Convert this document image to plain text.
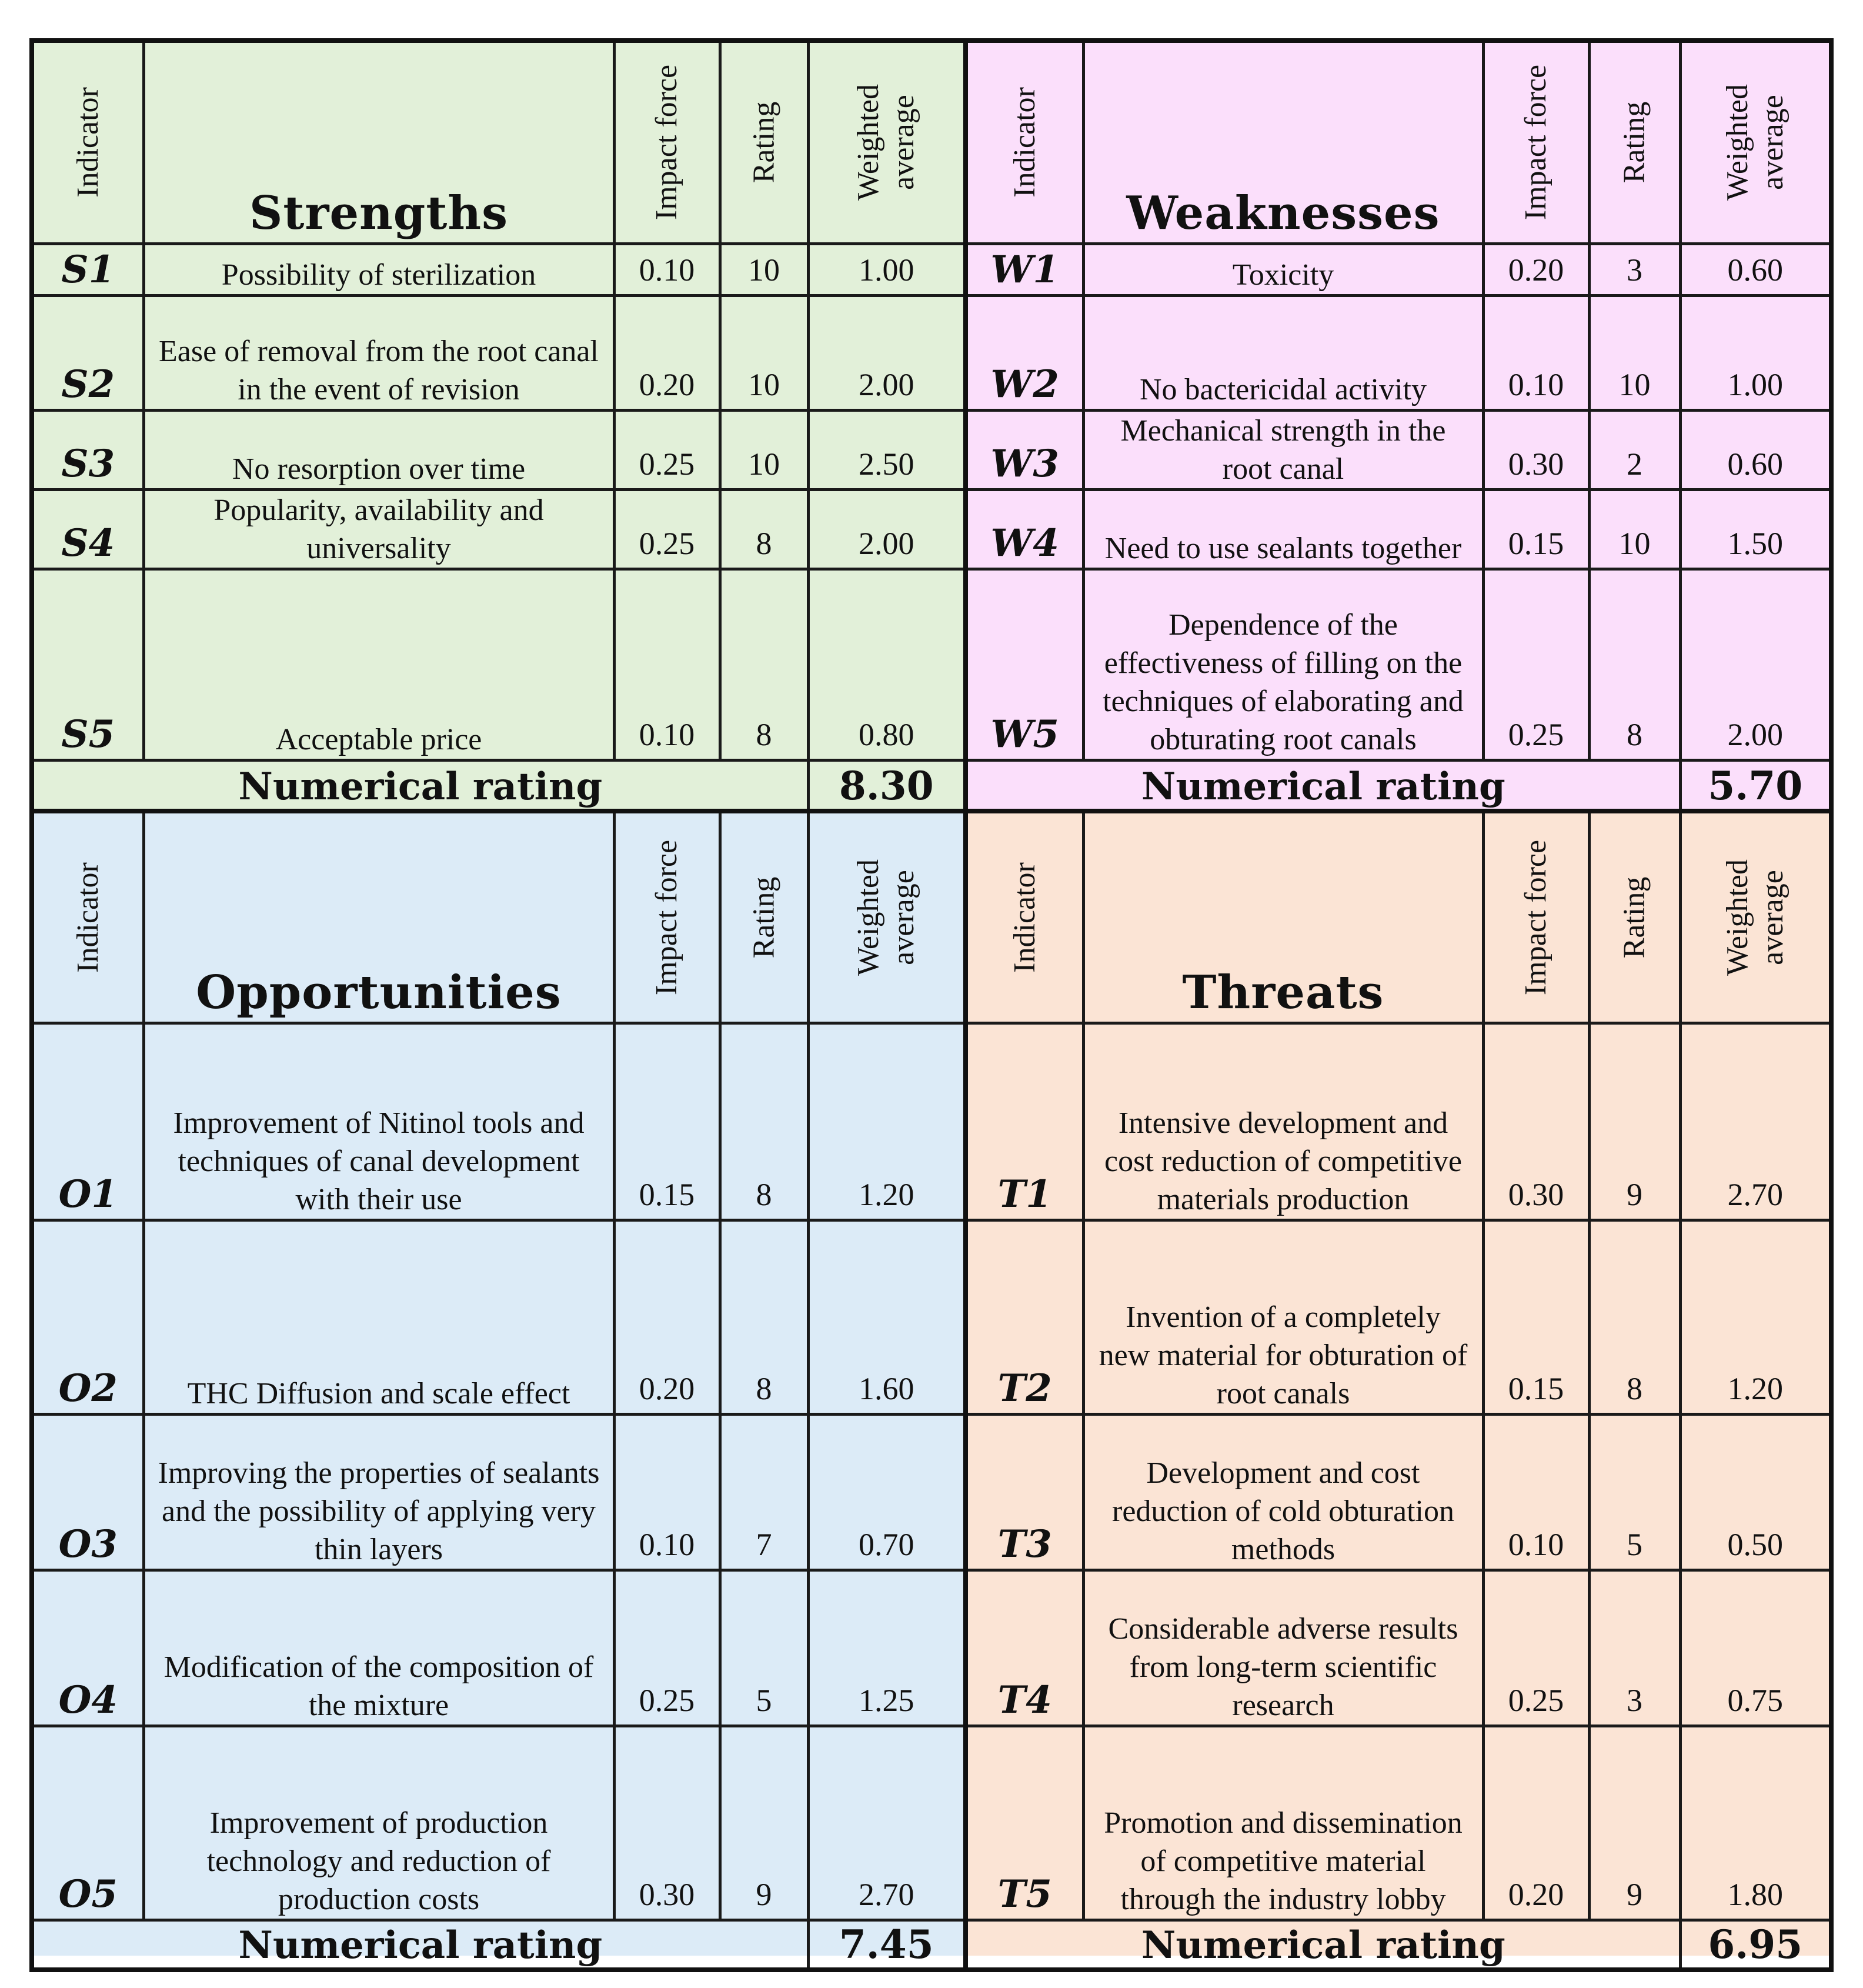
Indicator	Strengths	Impact force	Rating	Weighted average

S1	Possibility of sterilization	0.10	10	1.00

S2	Ease of removal from the root canal in the event of revision	0.20	10	2.00

S3	No resorption over time	0.25	10	2.50

S4	Popularity, availability and universality	0.25	8	2.00

S5	Acceptable price	0.10	8	0.80

Numerical rating				8.30
Indicator	Weaknesses	Impact force	Rating	Weighted average

W1	Toxicity	0.20	3	0.60

W2	No bactericidal activity	0.10	10	1.00

W3	Mechanical strength in the root canal	0.30	2	0.60

W4	Need to use sealants together	0.15	10	1.50

W5	Dependence of the effectiveness of filling on the techniques of elaborating and obturating root canals	0.25	8	2.00

Numerical rating				5.70
Indicator	Opportunities	Impact force	Rating	Weighted average

O1	Improvement of Nitinol tools and techniques of canal development with their use	0.15	8	1.20

O2	THC Diffusion and scale effect	0.20	8	1.60

O3	Improving the properties of sealants and the possibility of applying very thin layers	0.10	7	0.70

O4	Modification of the composition of the mixture	0.25	5	1.25

O5	Improvement of production technology and reduction of production costs	0.30	9	2.70

Numerical rating				7.45
Indicator	Threats	Impact force	Rating	Weighted average

T1	Intensive development and cost reduction of competitive materials production	0.30	9	2.70

T2	Invention of a completely new material for obturation of root canals	0.15	8	1.20

T3	Development and cost reduction of cold obturation methods	0.10	5	0.50

T4	Considerable adverse results from long-term scientific research	0.25	3	0.75

T5	Promotion and dissemination of competitive material through the industry lobby	0.20	9	1.80

Numerical rating				6.95
